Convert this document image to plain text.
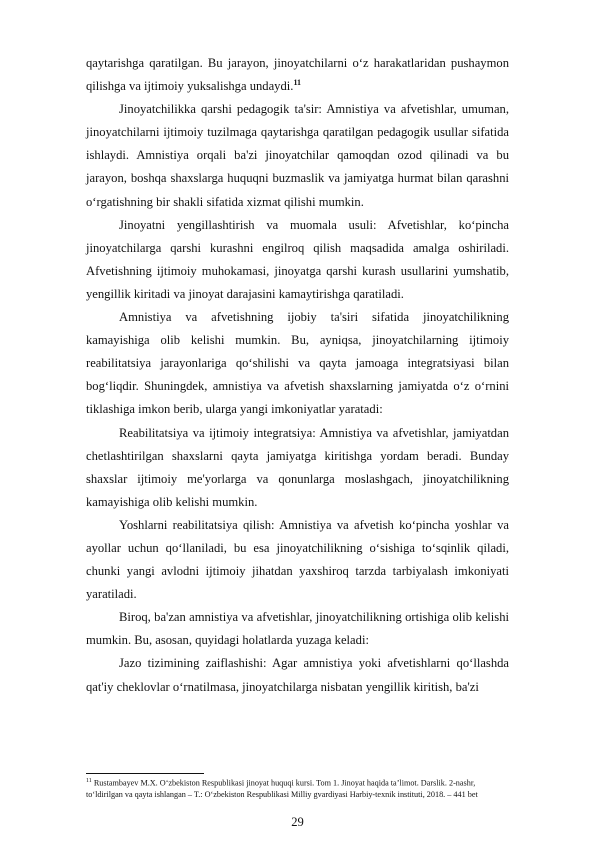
qaytarishga qaratilgan. Bu jarayon, jinoyatchilarni o‘z harakatlaridan pushaymon qilishga va ijtimoiy yuksalishga undaydi.$^{11}$

Jinoyatchilikka qarshi pedagogik ta'sir: Amnistiya va afvetishlar, umuman, jinoyatchilarni ijtimoiy tuzilmaga qaytarishga qaratilgan pedagogik usullar sifatida ishlaydi. Amnistiya orqali ba'zi jinoyatchilar qamoqdan ozod qilinadi va bu jarayon, boshqa shaxslarga huquqni buzmaslik va jamiyatga hurmat bilan qarashni o‘rgatishning bir shakli sifatida xizmat qilishi mumkin.

Jinoyatni yengillashtirish va muomala usuli: Afvetishlar, ko‘pincha jinoyatchilarga qarshi kurashni engilroq qilish maqsadida amalga oshiriladi. Afvetishning ijtimoiy muhokamasi, jinoyatga qarshi kurash usullarini yumshatib, yengillik kiritadi va jinoyat darajasini kamaytirishga qaratiladi.

Amnistiya va afvetishning ijobiy ta'siri sifatida jinoyatchilikning kamayishiga olib kelishi mumkin. Bu, ayniqsa, jinoyatchilarning ijtimoiy reabilitatsiya jarayonlariga qo‘shilishi va qayta jamoaga integratsiyasi bilan bog‘liqdir. Shuningdek, amnistiya va afvetish shaxslarning jamiyatda o‘z o‘rnini tiklashiga imkon berib, ularga yangi imkoniyatlar yaratadi:

Reabilitatsiya va ijtimoiy integratsiya: Amnistiya va afvetishlar, jamiyatdan chetlashtirilgan shaxslarni qayta jamiyatga kiritishga yordam beradi. Bunday shaxslar ijtimoiy me'yorlarga va qonunlarga moslashgach, jinoyatchilikning kamayishiga olib kelishi mumkin.

Yoshlarni reabilitatsiya qilish: Amnistiya va afvetish ko‘pincha yoshlar va ayollar uchun qo‘llaniladi, bu esa jinoyatchilikning o‘sishiga to‘sqinlik qiladi, chunki yangi avlodni ijtimoiy jihatdan yaxshiroq tarzda tarbiyalash imkoniyati yaratiladi.

Biroq, ba'zan amnistiya va afvetishlar, jinoyatchilikning ortishiga olib kelishi mumkin. Bu, asosan, quyidagi holatlarda yuzaga keladi:

Jazo tizimining zaiflashishi: Agar amnistiya yoki afvetishlarni qo‘llashda qat'iy cheklovlar o‘rnatilmasa, jinoyatchilarga nisbatan yengillik kiritish, ba'zi

$^{11}$ Rustambayev M.X. O‘zbekiston Respublikasi jinoyat huquqi kursi. Tom 1. Jinoyat haqida ta’limot. Darslik. 2-nashr, to‘ldirilgan va qayta ishlangan – T.: O‘zbekiston Respublikasi Milliy gvardiyasi Harbiy-texnik instituti, 2018. – 441 bet
29
